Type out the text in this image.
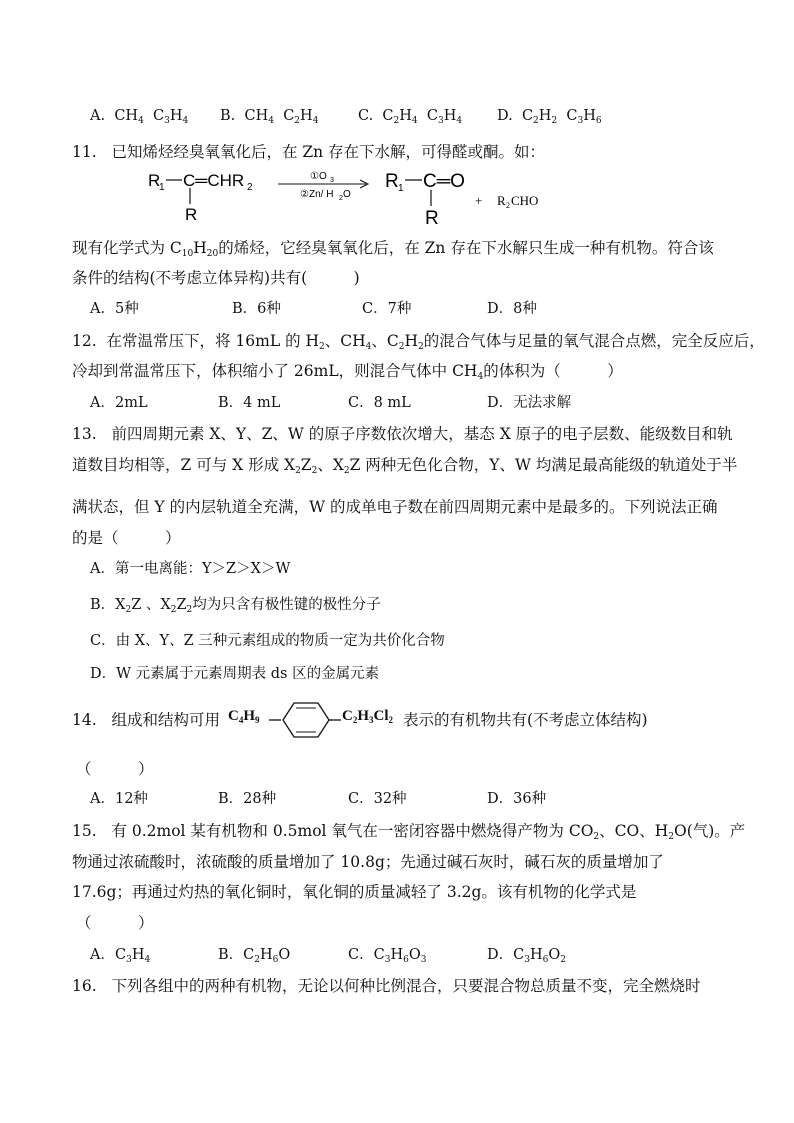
A. $CH_4$ $C_3H_4$ B. $CH_4$ $C_2H_4$	C. $C_2H_4$ $C_3H_4$ D. $C_2H_2$ $C_3H_6$
11. 已知烯烃经臭氧氧化后，在 Zn 存在下水解，可得醛或酮。如：
R
1 C═CHR 2
R
①O 3
②Zn/ H 2 O
R 1 C═O
R
+ R 2 CHO
现有化学式为 $C_{10}H_{20}$的烯烃，它经臭氧氧化后，在 Zn 存在下水解只生成一种有机物。符合该
条件的结构(不考虑立体异构)共有(　　　)
A．5种	B．6种	C．7种	D．8种
12. 在常温常压下，将 16mL 的 $H_2$、$CH_4$、$C_2H_2$的混合气体与足量的氧气混合点燃，完全反应后，
冷却到常温常压下，体积缩小了 26mL，则混合气体中 $CH_4$的体积为（　　　）
A．2mL	B．4 mL	C．8 mL	D．无法求解
13. 前四周期元素 X、Y、Z、W 的原子序数依次增大，基态 X 原子的电子层数、能级数目和轨
道数目均相等，Z 可与 X 形成 $X_2Z_2$、$X_2Z$ 两种无色化合物，Y、W 均满足最高能级的轨道处于半
满状态，但 Y 的内层轨道全充满，W 的成单电子数在前四周期元素中是最多的。下列说法正确
的是（　　　）
A．第一电离能：Y＞Z＞X＞W
B．$X_2Z$ 、$X_2Z_2$均为只含有极性键的极性分子
C．由 X、Y、Z 三种元素组成的物质一定为共价化合物
D．W 元素属于元素周期表 ds 区的金属元素
14. 组成和结构可用 $C_4H_9$	$C_2H_3Cl_2$ 表示的有机物共有(不考虑立体结构)
（　　　）
A．12种	B．28种	C．32种	D．36种
15. 有 0.2mol 某有机物和 0.5mol 氧气在一密闭容器中燃烧得产物为 $CO_2$、CO、$H_2O$(气)。产
物通过浓硫酸时，浓硫酸的质量增加了 10.8g；先通过碱石灰时，碱石灰的质量增加了
17.6g；再通过灼热的氧化铜时，氧化铜的质量减轻了 3.2g。该有机物的化学式是
（　　　）
A．$C_3H_4$	B．$C_2H_6O$	C．$C_3H_6O_3$	D．$C_3H_6O_2$
16. 下列各组中的两种有机物，无论以何种比例混合，只要混合物总质量不变，完全燃烧时
